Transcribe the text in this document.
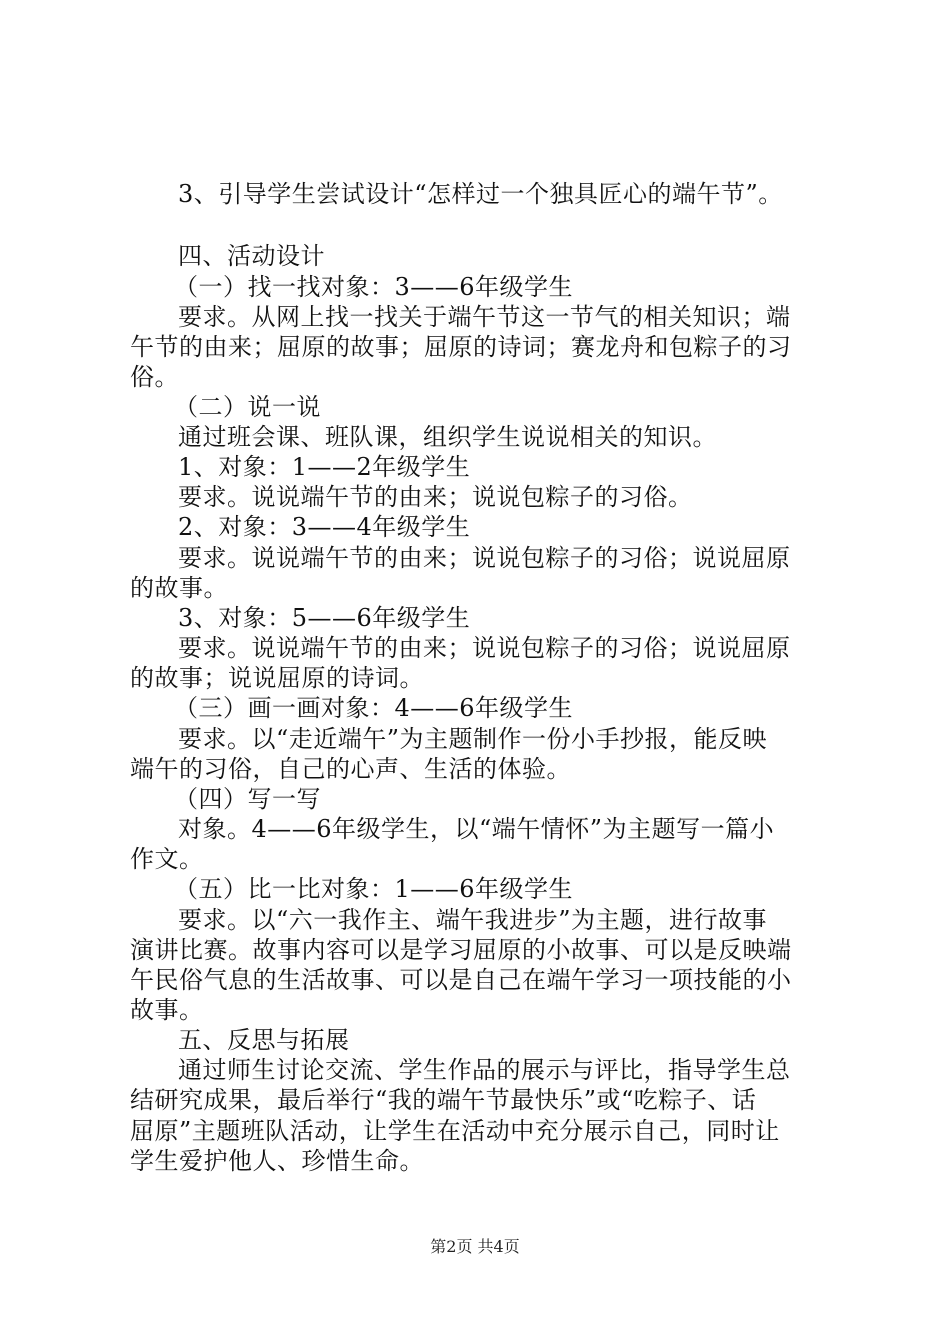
3、引导学生尝试设计“怎样过一个独具匠心的端午节”。
四、活动设计
（一）找一找对象：3——6年级学生
要求。从网上找一找关于端午节这一节气的相关知识；端
午节的由来；屈原的故事；屈原的诗词；赛龙舟和包粽子的习
俗。
（二）说一说
通过班会课、班队课，组织学生说说相关的知识。
1、对象：1——2年级学生
要求。说说端午节的由来；说说包粽子的习俗。
2、对象：3——4年级学生
要求。说说端午节的由来；说说包粽子的习俗；说说屈原
的故事。
3、对象：5——6年级学生
要求。说说端午节的由来；说说包粽子的习俗；说说屈原
的故事；说说屈原的诗词。
（三）画一画对象：4——6年级学生
要求。以“走近端午”为主题制作一份小手抄报，能反映
端午的习俗，自己的心声、生活的体验。
（四）写一写
对象。4——6年级学生，以“端午情怀”为主题写一篇小
作文。
（五）比一比对象：1——6年级学生
要求。以“六一我作主、端午我进步”为主题，进行故事
演讲比赛。故事内容可以是学习屈原的小故事、可以是反映端
午民俗气息的生活故事、可以是自己在端午学习一项技能的小
故事。
五、反思与拓展
通过师生讨论交流、学生作品的展示与评比，指导学生总
结研究成果，最后举行“我的端午节最快乐”或“吃粽子、话
屈原”主题班队活动，让学生在活动中充分展示自己，同时让
学生爱护他人、珍惜生命。
第2页 共4页
